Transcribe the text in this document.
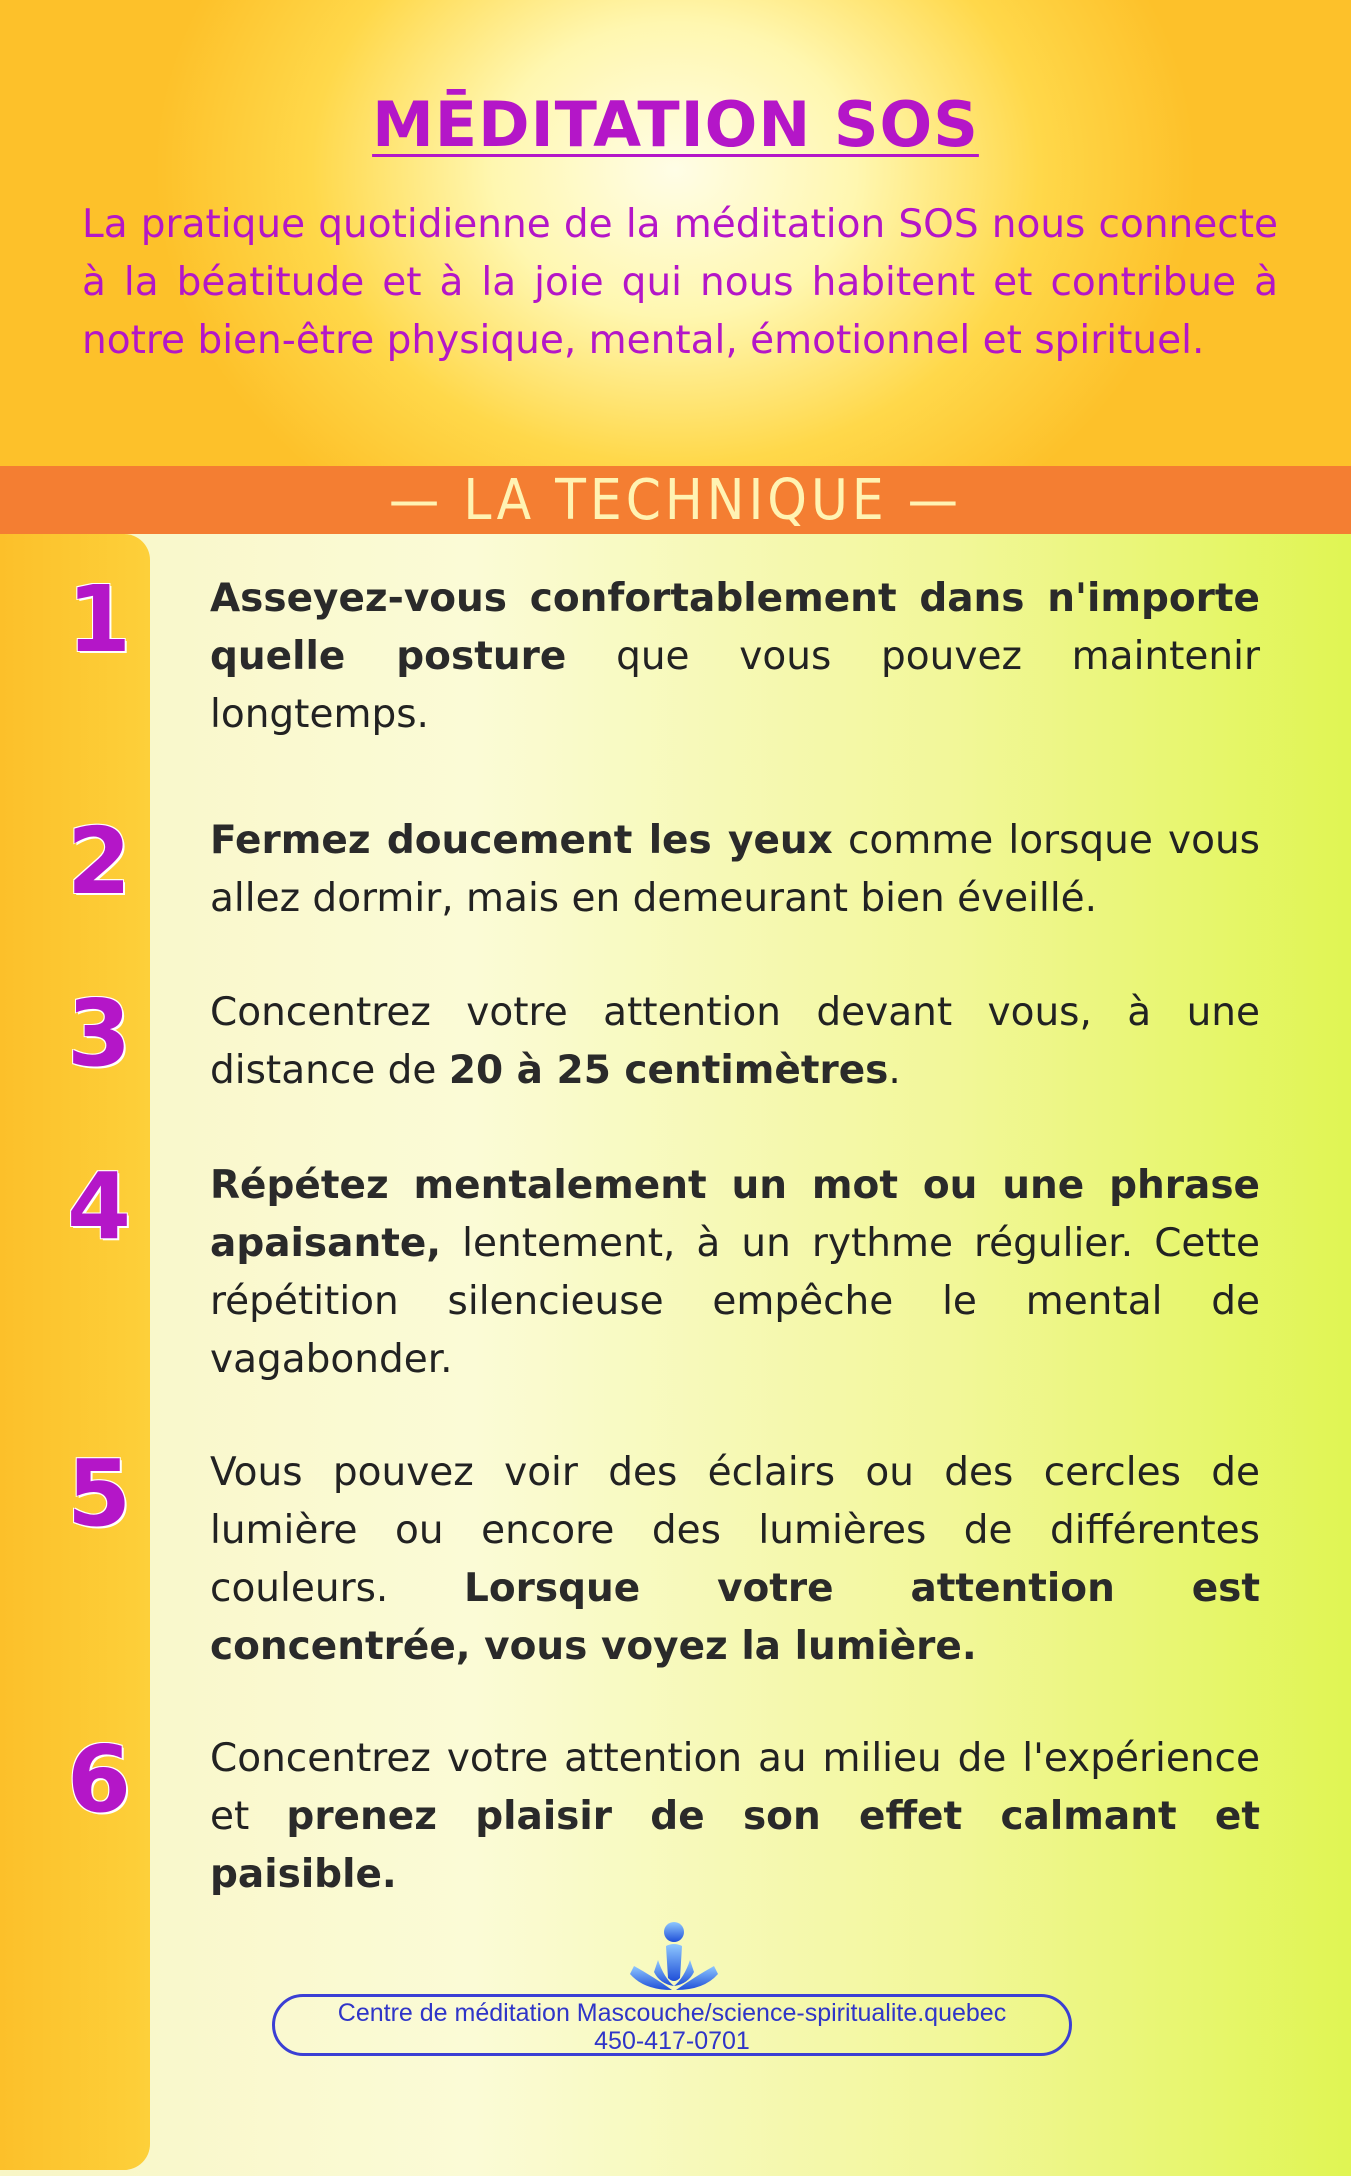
MĒDITATION SOS

La pratique quotidienne de la méditation SOS nous connecte à la béatitude et à la joie qui nous habitent et contribue à notre bien-être physique, mental, émotionnel et spirituel.

— LA TECHNIQUE —

1	Asseyez-vous confortablement dans n'importe quelle posture que vous pouvez maintenir longtemps.

2	Fermez doucement les yeux comme lorsque vous allez dormir, mais en demeurant bien éveillé.

3	Concentrez votre attention devant vous, à une distance de 20 à 25 centimètres.

4	Répétez mentalement un mot ou une phrase apaisante, lentement, à un rythme régulier. Cette répétition silencieuse empêche le mental de vagabonder.

5	Vous pouvez voir des éclairs ou des cercles de lumière ou encore des lumières de différentes couleurs. Lorsque votre attention est concentrée, vous voyez la lumière.

6	Concentrez votre attention au milieu de l'expérience et prenez plaisir de son effet calmant et paisible.

Centre de méditation Mascouche/science-spiritualite.quebec
450-417-0701
